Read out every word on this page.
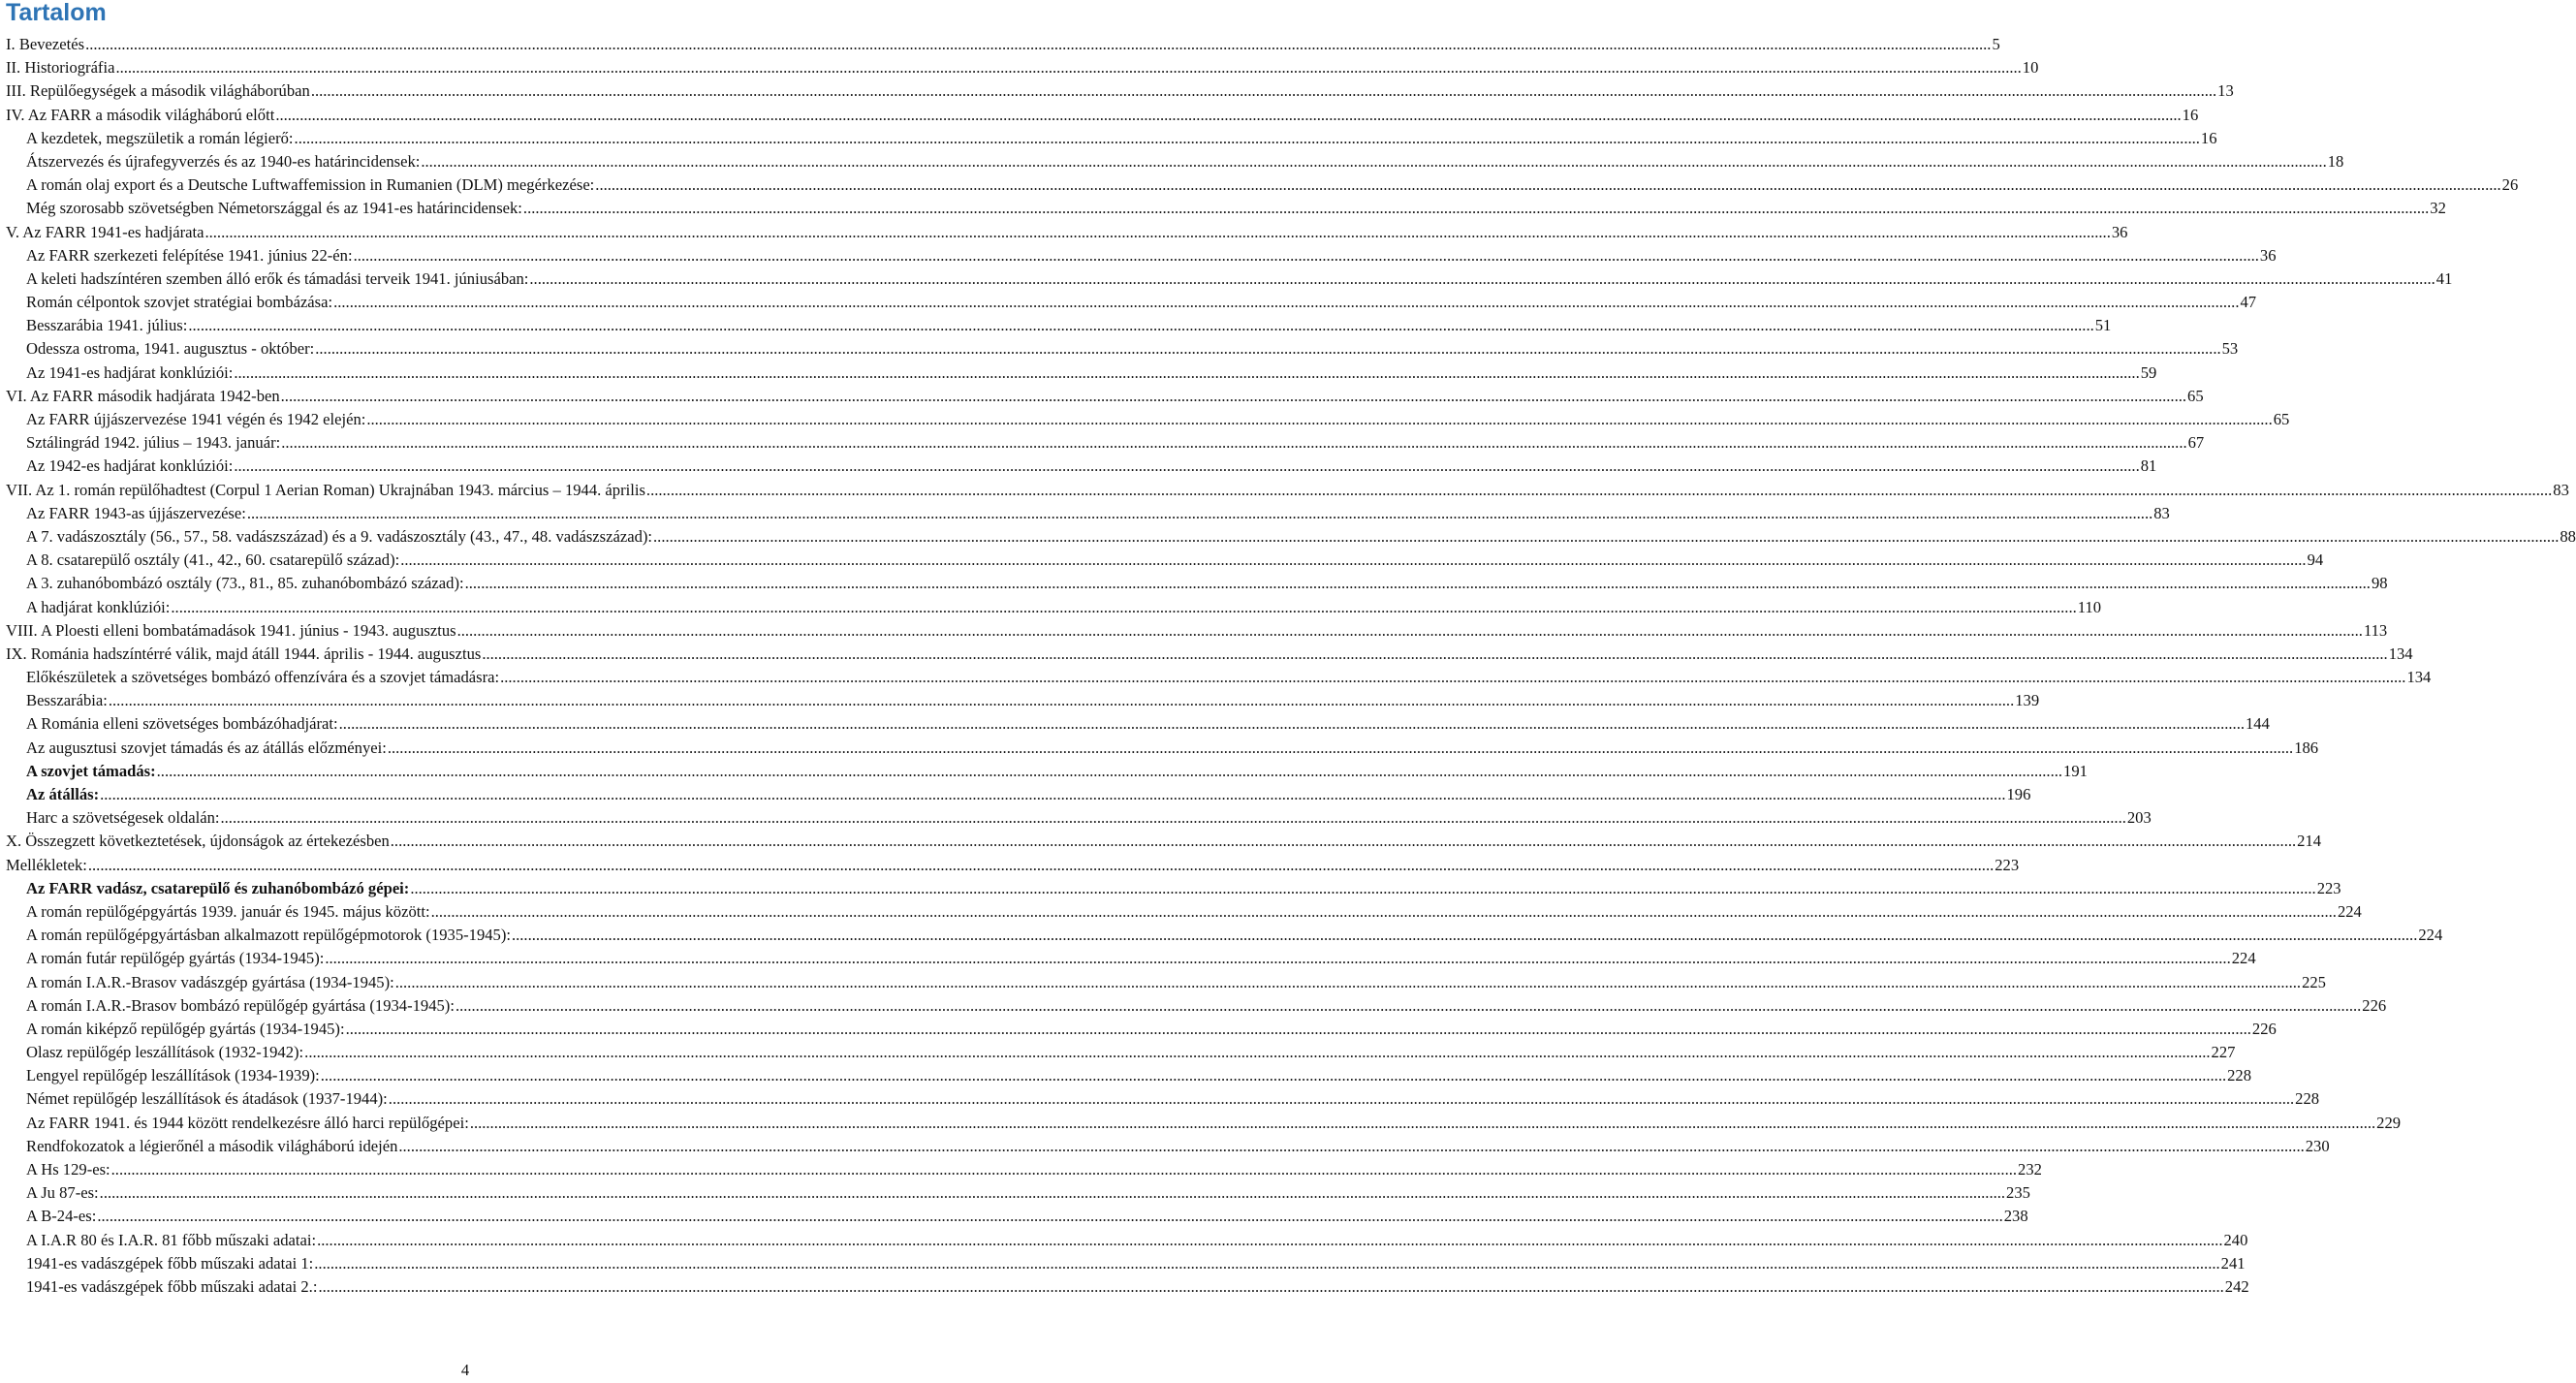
Tartalom
I. Bevezetés .....	5
II. Historiográfia .....	10
III. Repülőegységek a második világháborúban .....	13
IV. Az FARR a második világháború előtt .....	16
A kezdetek, megszületik a román légierő: .....	16
Átszervezés és újrafegyverzés és az 1940-es határincidensek: .....	18
A román olaj export és a Deutsche Luftwaffemission in Rumanien (DLM) megérkezése: .....	26
Még szorosabb szövetségben Németországgal és az 1941-es határincidensek: .....	32
V. Az FARR 1941-es hadjárata .....	36
Az FARR szerkezeti felépítése 1941. június 22-én: .....	36
A keleti hadszíntéren szemben álló erők és támadási terveik 1941. júniusában: .....	41
Román célpontok szovjet stratégiai bombázása: .....	47
Besszarábia 1941. július: .....	51
Odessza ostroma, 1941. augusztus - október: .....	53
Az 1941-es hadjárat konklúziói: .....	59
VI. Az FARR második hadjárata 1942-ben .....	65
Az FARR újjászervezése 1941 végén és 1942 elején: .....	65
Sztálingrád 1942. július – 1943. január: .....	67
Az 1942-es hadjárat konklúziói: .....	81
VII. Az 1. román repülőhadtest (Corpul 1 Aerian Roman) Ukrajnában 1943. március – 1944. április .....	83
Az FARR 1943-as újjászervezése: .....	83
A 7. vadászosztály (56., 57., 58. vadászszázad) és a 9. vadászosztály (43., 47., 48. vadászszázad): .....	88
A 8. csatarepülő osztály (41., 42., 60. csatarepülő század): .....	94
A 3. zuhanóbombázó osztály (73., 81., 85. zuhanóbombázó század): .....	98
A hadjárat konklúziói: .....	110
VIII. A Ploesti elleni bombatámadások 1941. június - 1943. augusztus .....	113
IX. Románia hadszíntérré válik, majd átáll 1944. április - 1944. augusztus .....	134
Előkészületek a szövetséges bombázó offenzívára és a szovjet támadásra: .....	134
Besszarábia: .....	139
A Románia elleni szövetséges bombázóhadjárat: .....	144
Az augusztusi szovjet támadás és az átállás előzményei: .....	186
A szovjet támadás: .....	191
Az átállás: .....	196
Harc a szövetségesek oldalán: .....	203
X. Összegzett következtetések, újdonságok az értekezésben .....	214
Mellékletek: .....	223
Az FARR vadász, csatarepülő és zuhanóbombázó gépei: .....	223
A román repülőgépgyártás 1939. január és 1945. május között: .....	224
A román repülőgépgyártásban alkalmazott repülőgépmotorok (1935-1945): .....	224
A román futár repülőgép gyártás (1934-1945): .....	224
A román I.A.R.-Brasov vadászgép gyártása (1934-1945): .....	225
A román I.A.R.-Brasov bombázó repülőgép gyártása (1934-1945): .....	226
A román kiképző repülőgép gyártás (1934-1945): .....	226
Olasz repülőgép leszállítások (1932-1942): .....	227
Lengyel repülőgép leszállítások (1934-1939): .....	228
Német repülőgép leszállítások és átadások (1937-1944): .....	228
Az FARR 1941. és 1944 között rendelkezésre álló harci repülőgépei: .....	229
Rendfokozatok a légierőnél a második világháború idején .....	230
A Hs 129-es: .....	232
A Ju 87-es: .....	235
A B-24-es: .....	238
A I.A.R 80 és I.A.R. 81 főbb műszaki adatai: .....	240
1941-es vadászgépek főbb műszaki adatai 1: .....	241
1941-es vadászgépek főbb műszaki adatai 2.: .....	242
4
